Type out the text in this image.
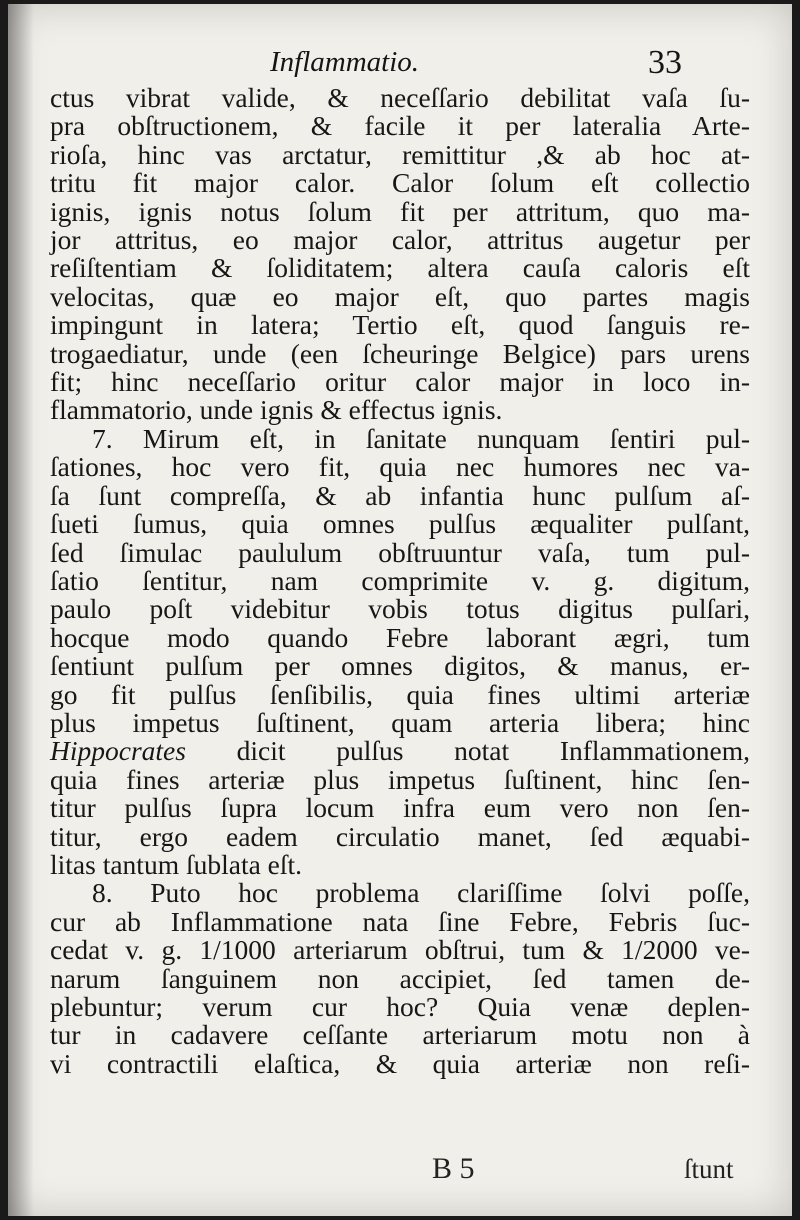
Inflammatio.	33
ctus vibrat valide, & neceſſario debilitat vaſa ſu-
pra obſtructionem, & facile it per lateralia Arte-
rioſa, hinc vas arctatur, remittitur ,& ab hoc at-
tritu fit major calor. Calor ſolum eſt collectio
ignis, ignis notus ſolum fit per attritum, quo ma-
jor attritus, eo major calor, attritus augetur per
reſiſtentiam & ſoliditatem; altera cauſa caloris eſt
velocitas, quæ eo major eſt, quo partes magis
impingunt in latera; Tertio eſt, quod ſanguis re-
trogaediatur, unde (een ſcheuringe Belgice) pars urens
fit; hinc neceſſario oritur calor major in loco in-
flammatorio, unde ignis & effectus ignis.
7. Mirum eſt, in ſanitate nunquam ſentiri pul-
ſationes, hoc vero fit, quia nec humores nec va-
ſa ſunt compreſſa, & ab infantia hunc pulſum aſ-
ſueti ſumus, quia omnes pulſus æqualiter pulſant,
ſed ſimulac paululum obſtruuntur vaſa, tum pul-
ſatio ſentitur, nam comprimite v. g. digitum,
paulo poſt videbitur vobis totus digitus pulſari,
hocque modo quando Febre laborant ægri, tum
ſentiunt pulſum per omnes digitos, & manus, er-
go fit pulſus ſenſibilis, quia fines ultimi arteriæ
plus impetus ſuſtinent, quam arteria libera; hinc
Hippocrates dicit pulſus notat Inflammationem,
quia fines arteriæ plus impetus ſuſtinent, hinc ſen-
titur pulſus ſupra locum infra eum vero non ſen-
titur, ergo eadem circulatio manet, ſed æquabi-
litas tantum ſublata eſt.
8. Puto hoc problema clariſſime ſolvi poſſe,
cur ab Inflammatione nata ſine Febre, Febris ſuc-
cedat v. g. 1/1000 arteriarum obſtrui, tum & 1/2000 ve-
narum ſanguinem non accipiet, ſed tamen de-
plebuntur; verum cur hoc? Quia venæ deplen-
tur in cadavere ceſſante arteriarum motu non à
vi contractili elaſtica, & quia arteriæ non reſi-
B 5	ſtunt
